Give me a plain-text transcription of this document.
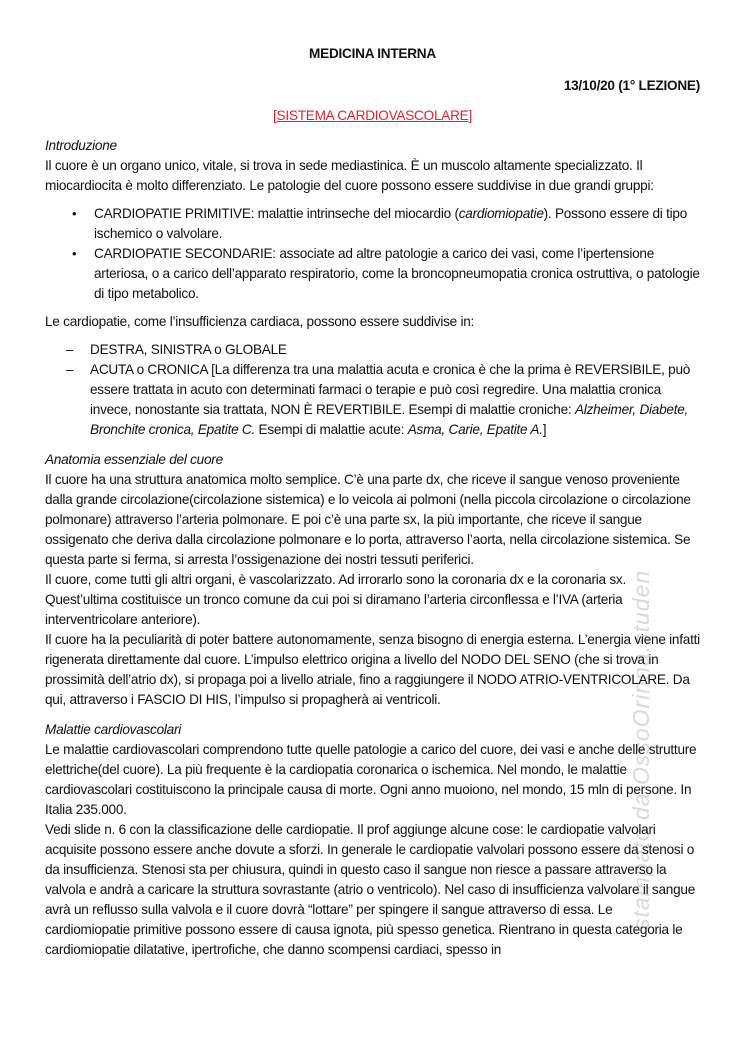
stampato da OssoOrinna.studen

MEDICINA INTERNA

13/10/20 (1° LEZIONE)

[SISTEMA CARDIOVASCOLARE]

Introduzione

Il cuore è un organo unico, vitale, si trova in sede mediastinica. È un muscolo altamente specializzato. Il miocardiocita è molto differenziato. Le patologie del cuore possono essere suddivise in due grandi gruppi:

• CARDIOPATIE PRIMITIVE: malattie intrinseche del miocardio (cardiomiopatie). Possono essere di tipo ischemico o valvolare.
• CARDIOPATIE SECONDARIE: associate ad altre patologie a carico dei vasi, come l’ipertensione arteriosa, o a carico dell’apparato respiratorio, come la broncopneumopatia cronica ostruttiva, o patologie di tipo metabolico.

Le cardiopatie, come l’insufficienza cardiaca, possono essere suddivise in:

– DESTRA, SINISTRA o GLOBALE
– ACUTA o CRONICA [La differenza tra una malattia acuta e cronica è che la prima è REVERSIBILE, può essere trattata in acuto con determinati farmaci o terapie e può così regredire. Una malattia cronica invece, nonostante sia trattata, NON È REVERTIBILE. Esempi di malattie croniche: Alzheimer, Diabete, Bronchite cronica, Epatite C. Esempi di malattie acute: Asma, Carie, Epatite A.]

Anatomia essenziale del cuore

Il cuore ha una struttura anatomica molto semplice. C’è una parte dx, che riceve il sangue venoso proveniente dalla grande circolazione(circolazione sistemica) e lo veicola ai polmoni (nella piccola circolazione o circolazione polmonare) attraverso l’arteria polmonare. E poi c’è una parte sx, la più importante, che riceve il sangue ossigenato che deriva dalla circolazione polmonare e lo porta, attraverso l’aorta, nella circolazione sistemica. Se questa parte si ferma, si arresta l’ossigenazione dei nostri tessuti periferici.

Il cuore, come tutti gli altri organi, è vascolarizzato. Ad irrorarlo sono la coronaria dx e la coronaria sx. Quest’ultima costituisce un tronco comune da cui poi si diramano l’arteria circonflessa e l’IVA (arteria interventricolare anteriore).

Il cuore ha la peculiarità di poter battere autonomamente, senza bisogno di energia esterna. L’energia viene infatti rigenerata direttamente dal cuore. L’impulso elettrico origina a livello del NODO DEL SENO (che si trova in prossimità dell’atrio dx), si propaga poi a livello atriale, fino a raggiungere il NODO ATRIO-VENTRICOLARE. Da qui, attraverso i FASCIO DI HIS, l’impulso si propagherà ai ventricoli.

Malattie cardiovascolari

Le malattie cardiovascolari comprendono tutte quelle patologie a carico del cuore, dei vasi e anche delle strutture elettriche(del cuore). La più frequente è la cardiopatia coronarica o ischemica. Nel mondo, le malattie cardiovascolari costituiscono la principale causa di morte. Ogni anno muoiono, nel mondo, 15 mln di persone. In Italia 235.000.

Vedi slide n. 6 con la classificazione delle cardiopatie. Il prof aggiunge alcune cose: le cardiopatie valvolari acquisite possono essere anche dovute a sforzi. In generale le cardiopatie valvolari possono essere da stenosi o da insufficienza. Stenosi sta per chiusura, quindi in questo caso il sangue non riesce a passare attraverso la valvola e andrà a caricare la struttura sovrastante (atrio o ventricolo). Nel caso di insufficienza valvolare il sangue avrà un reflusso sulla valvola e il cuore dovrà “lottare” per spingere il sangue attraverso di essa. Le cardiomiopatie primitive possono essere di causa ignota, più spesso genetica. Rientrano in questa categoria le cardiomiopatie dilatative, ipertrofiche, che danno scompensi cardiaci, spesso in
